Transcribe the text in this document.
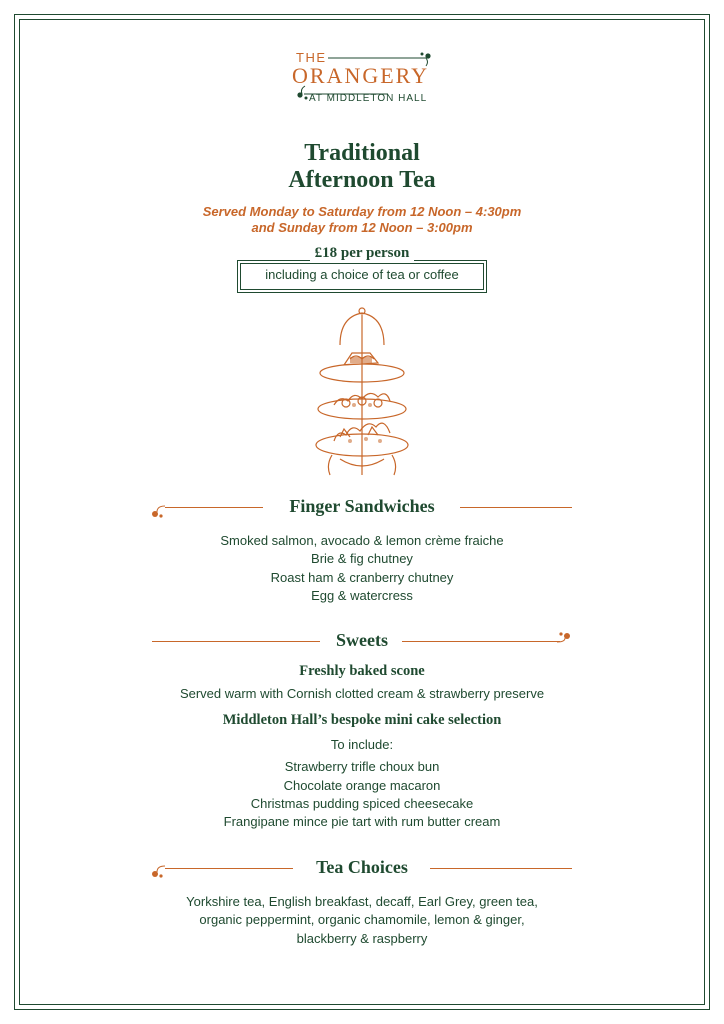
THE
ORANGERY
AT MIDDLETON HALL
Traditional
Afternoon Tea
Served Monday to Saturday from 12 Noon – 4:30pm
and Sunday from 12 Noon – 3:00pm
£18 per person
including a choice of tea or coffee
Finger Sandwiches
Smoked salmon, avocado & lemon crème fraiche
Brie & fig chutney
Roast ham & cranberry chutney
Egg & watercress
Sweets
Freshly baked scone
Served warm with Cornish clotted cream & strawberry preserve
Middleton Hall’s bespoke mini cake selection
To include:
Strawberry trifle choux bun
Chocolate orange macaron
Christmas pudding spiced cheesecake
Frangipane mince pie tart with rum butter cream
Tea Choices
Yorkshire tea, English breakfast, decaff, Earl Grey, green tea,
organic peppermint, organic chamomile, lemon & ginger,
blackberry & raspberry
